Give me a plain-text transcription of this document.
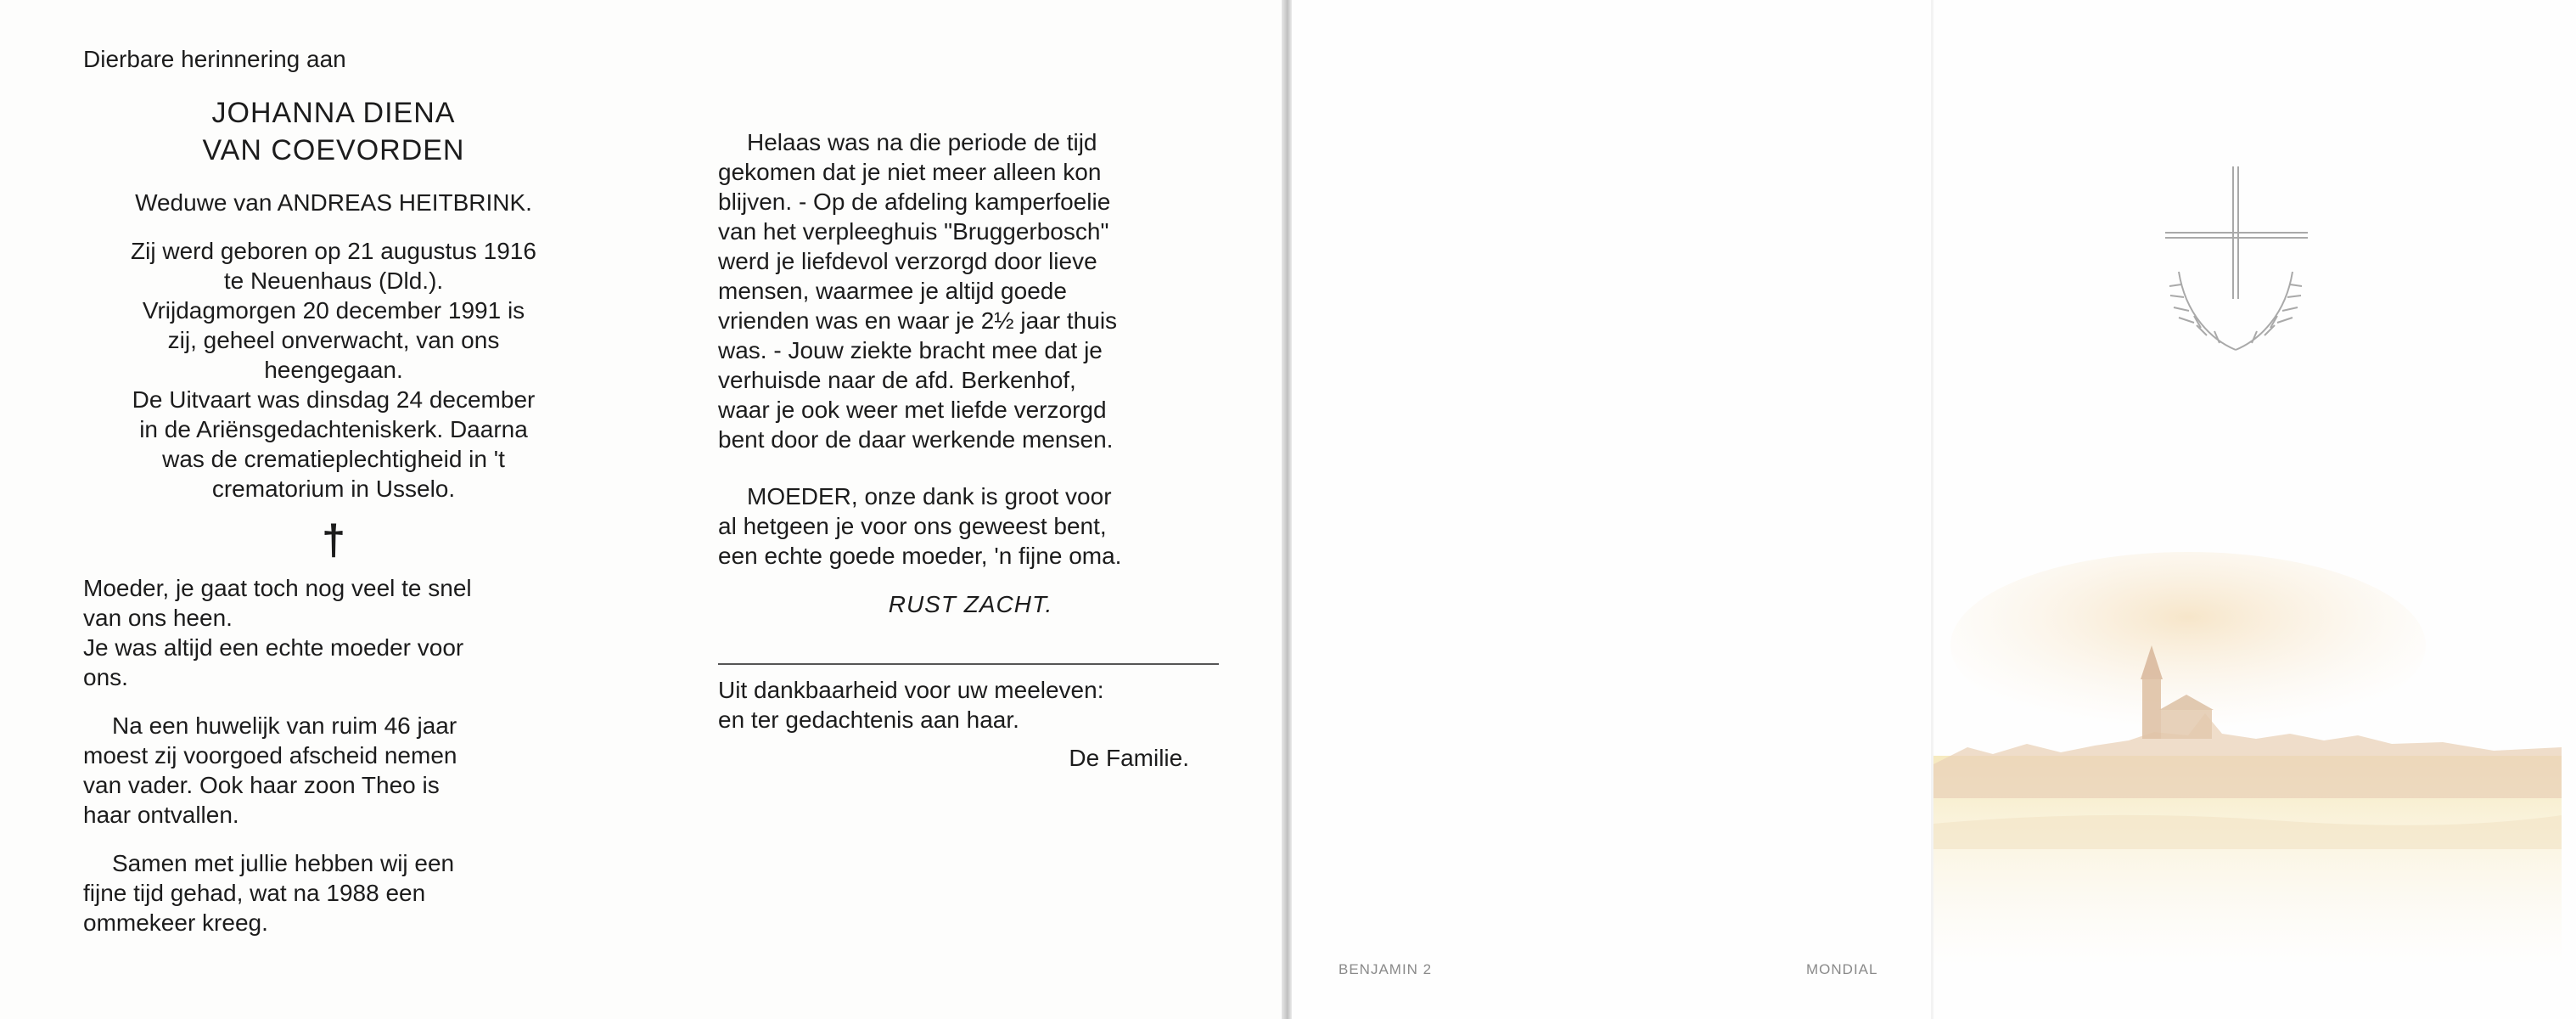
Dierbare herinnering aan

JOHANNA DIENA

VAN COEVORDEN

Weduwe van ANDREAS HEITBRINK.

Zij werd geboren op 21 augustus 1916

te Neuenhaus (Dld.).

Vrijdagmorgen 20 december 1991 is

zij, geheel onverwacht, van ons

heengegaan.

De Uitvaart was dinsdag 24 december

in de Ariënsgedachteniskerk. Daarna

was de crematieplechtigheid in 't

crematorium in Usselo.

†

Moeder, je gaat toch nog veel te snel

van ons heen.

Je was altijd een echte moeder voor

ons.

Na een huwelijk van ruim 46 jaar

moest zij voorgoed afscheid nemen

van vader. Ook haar zoon Theo is

haar ontvallen.

Samen met jullie hebben wij een

fijne tijd gehad, wat na 1988 een

ommekeer kreeg.

Helaas was na die periode de tijd

gekomen dat je niet meer alleen kon

blijven. - Op de afdeling kamperfoelie

van het verpleeghuis "Bruggerbosch"

werd je liefdevol verzorgd door lieve

mensen, waarmee je altijd goede

vrienden was en waar je 2½ jaar thuis

was. - Jouw ziekte bracht mee dat je

verhuisde naar de afd. Berkenhof,

waar je ook weer met liefde verzorgd

bent door de daar werkende mensen.

MOEDER, onze dank is groot voor

al hetgeen je voor ons geweest bent,

een echte goede moeder, 'n fijne oma.

RUST ZACHT.

Uit dankbaarheid voor uw meeleven:

en ter gedachtenis aan haar.

De Familie.

BENJAMIN 2	MONDIAL
